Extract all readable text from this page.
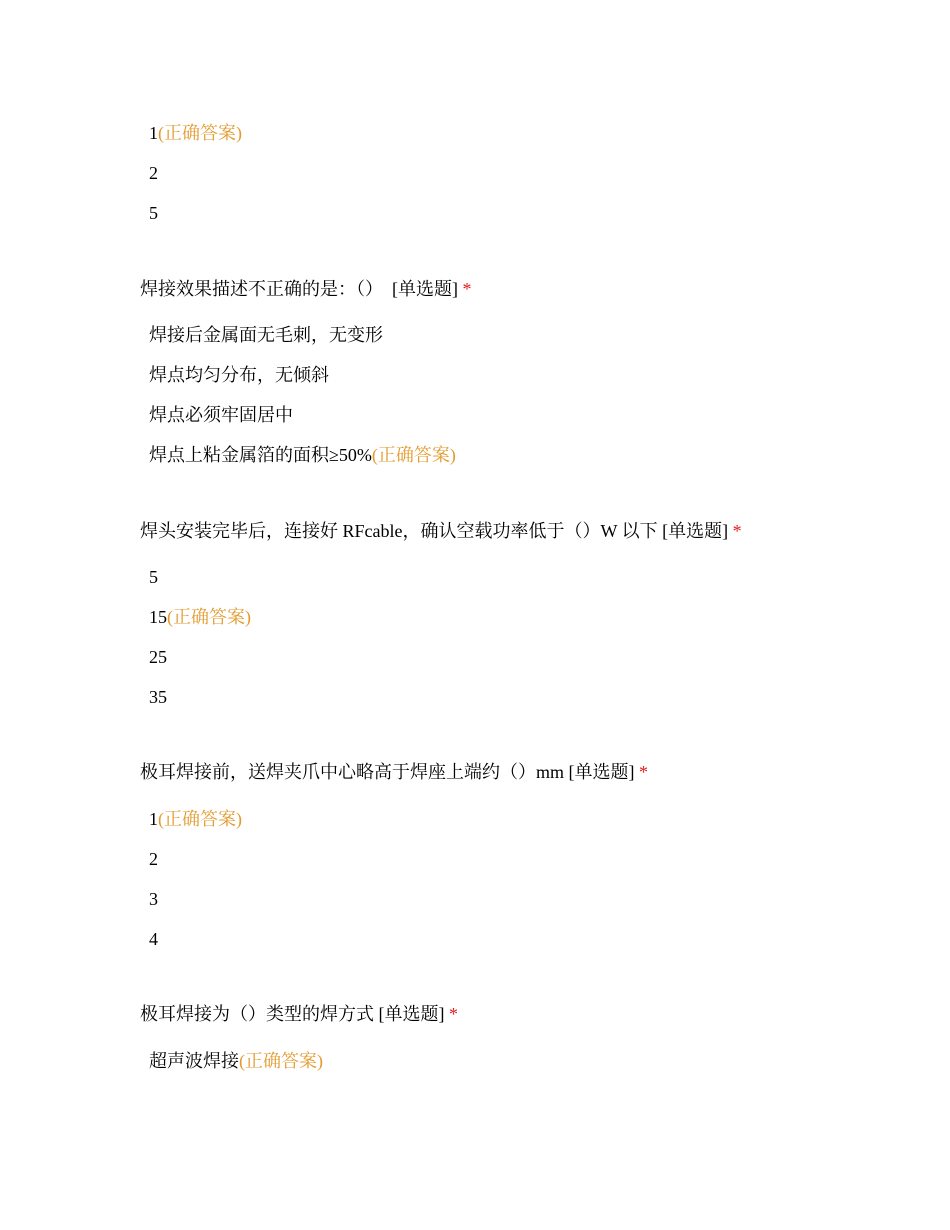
1(正确答案)
2
5
焊接效果描述不正确的是：（） [单选题] *
焊接后金属面无毛刺，无变形
焊点均匀分布，无倾斜
焊点必须牢固居中
焊点上粘金属箔的面积≥50%(正确答案)
焊头安装完毕后，连接好 RFcable，确认空载功率低于（）W 以下 [单选题] *
5
15(正确答案)
25
35
极耳焊接前，送焊夹爪中心略高于焊座上端约（）mm [单选题] *
1(正确答案)
2
3
4
极耳焊接为（）类型的焊方式 [单选题] *
超声波焊接(正确答案)
